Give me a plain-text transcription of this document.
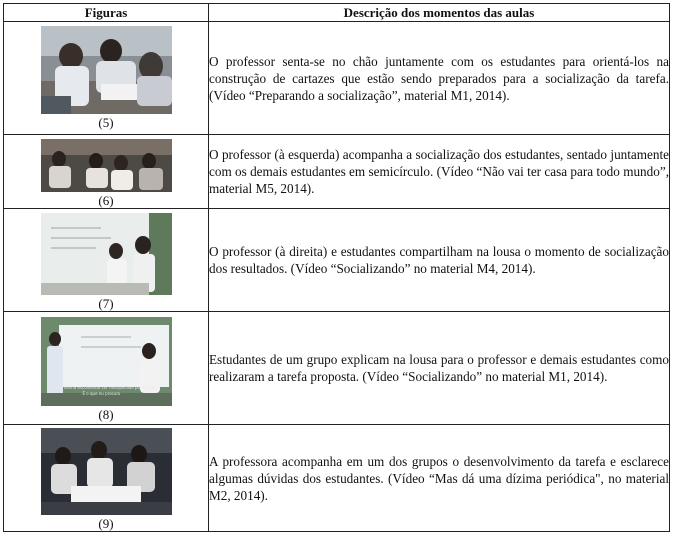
Figuras	Descrição dos momentos das aulas

(5)	O professor senta-se no chão juntamente com os estudantes para orientá-los na construção de cartazes que estão sendo preparados para a socialização da tarefa. (Vídeo “Preparando a socialização”, material M1, 2014).

(6)	O professor (à esquerda) acompanha a socialização dos estudantes, sentado juntamente com os demais estudantes em semicírculo. (Vídeo “Não vai ter casa para todo mundo”, material M5, 2014).

(7)	O professor (à direita) e estudantes compartilham na lousa o momento de socialização dos resultados. (Vídeo “Socializando” no material M4, 2014).

Que venha escolhendo ser multiplicado por 3 que
É o que eu procuro
(8)	Estudantes de um grupo explicam na lousa para o professor e demais estudantes como realizaram a tarefa proposta. (Vídeo “Socializando” no material M1, 2014).

(9)	A professora acompanha em um dos grupos o desenvolvimento da tarefa e esclarece algumas dúvidas dos estudantes. (Vídeo “Mas dá uma dízima periódica", no material M2, 2014).
